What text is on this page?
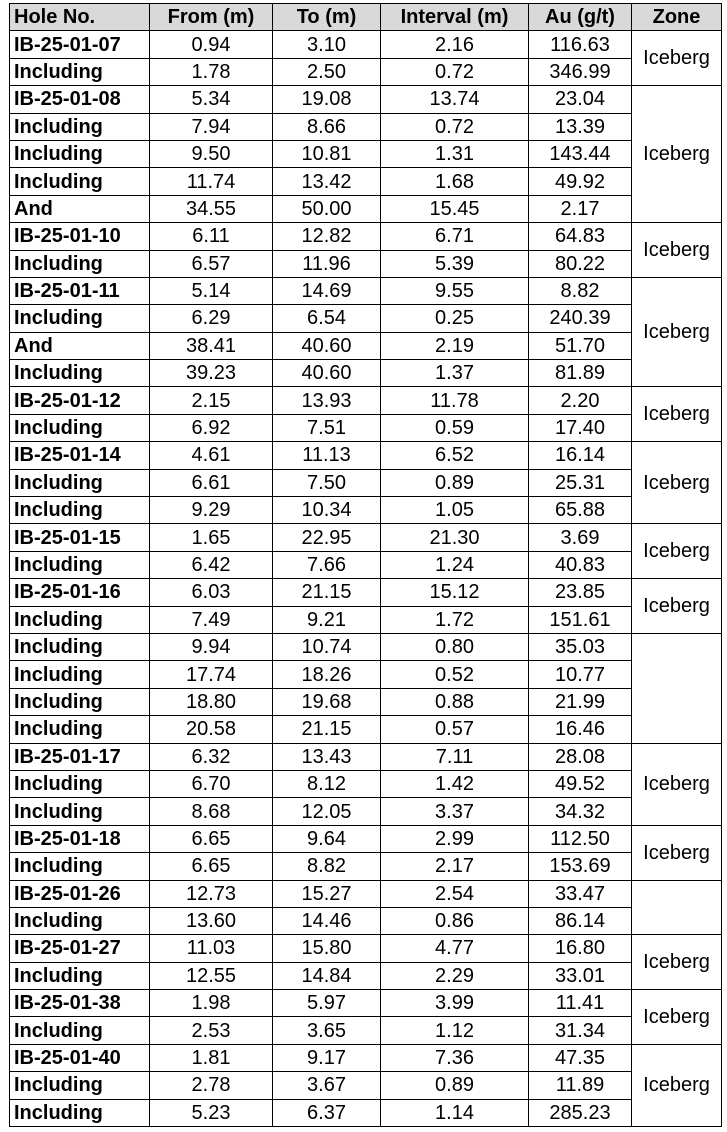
Hole No.	From (m)	To (m)	Interval (m)	Au (g/t)	Zone
IB-25-01-07	0.94	3.10	2.16	116.63	Iceberg
Including	1.78	2.50	0.72	346.99	
IB-25-01-08	5.34	19.08	13.74	23.04	Iceberg
Including	7.94	8.66	0.72	13.39	
Including	9.50	10.81	1.31	143.44	
Including	11.74	13.42	1.68	49.92	
And	34.55	50.00	15.45	2.17	
IB-25-01-10	6.11	12.82	6.71	64.83	Iceberg
Including	6.57	11.96	5.39	80.22	
IB-25-01-11	5.14	14.69	9.55	8.82	Iceberg
Including	6.29	6.54	0.25	240.39	
And	38.41	40.60	2.19	51.70	
Including	39.23	40.60	1.37	81.89	
IB-25-01-12	2.15	13.93	11.78	2.20	Iceberg
Including	6.92	7.51	0.59	17.40	
IB-25-01-14	4.61	11.13	6.52	16.14	Iceberg
Including	6.61	7.50	0.89	25.31	
Including	9.29	10.34	1.05	65.88	
IB-25-01-15	1.65	22.95	21.30	3.69	Iceberg
Including	6.42	7.66	1.24	40.83	
IB-25-01-16	6.03	21.15	15.12	23.85	Iceberg
Including	7.49	9.21	1.72	151.61	
Including	9.94	10.74	0.80	35.03	
Including	17.74	18.26	0.52	10.77	
Including	18.80	19.68	0.88	21.99	
Including	20.58	21.15	0.57	16.46	
IB-25-01-17	6.32	13.43	7.11	28.08	Iceberg
Including	6.70	8.12	1.42	49.52	
Including	8.68	12.05	3.37	34.32	
IB-25-01-18	6.65	9.64	2.99	112.50	Iceberg
Including	6.65	8.82	2.17	153.69	
IB-25-01-26	12.73	15.27	2.54	33.47	
Including	13.60	14.46	0.86	86.14	
IB-25-01-27	11.03	15.80	4.77	16.80	Iceberg
Including	12.55	14.84	2.29	33.01	
IB-25-01-38	1.98	5.97	3.99	11.41	Iceberg
Including	2.53	3.65	1.12	31.34	
IB-25-01-40	1.81	9.17	7.36	47.35	Iceberg
Including	2.78	3.67	0.89	11.89	
Including	5.23	6.37	1.14	285.23	
